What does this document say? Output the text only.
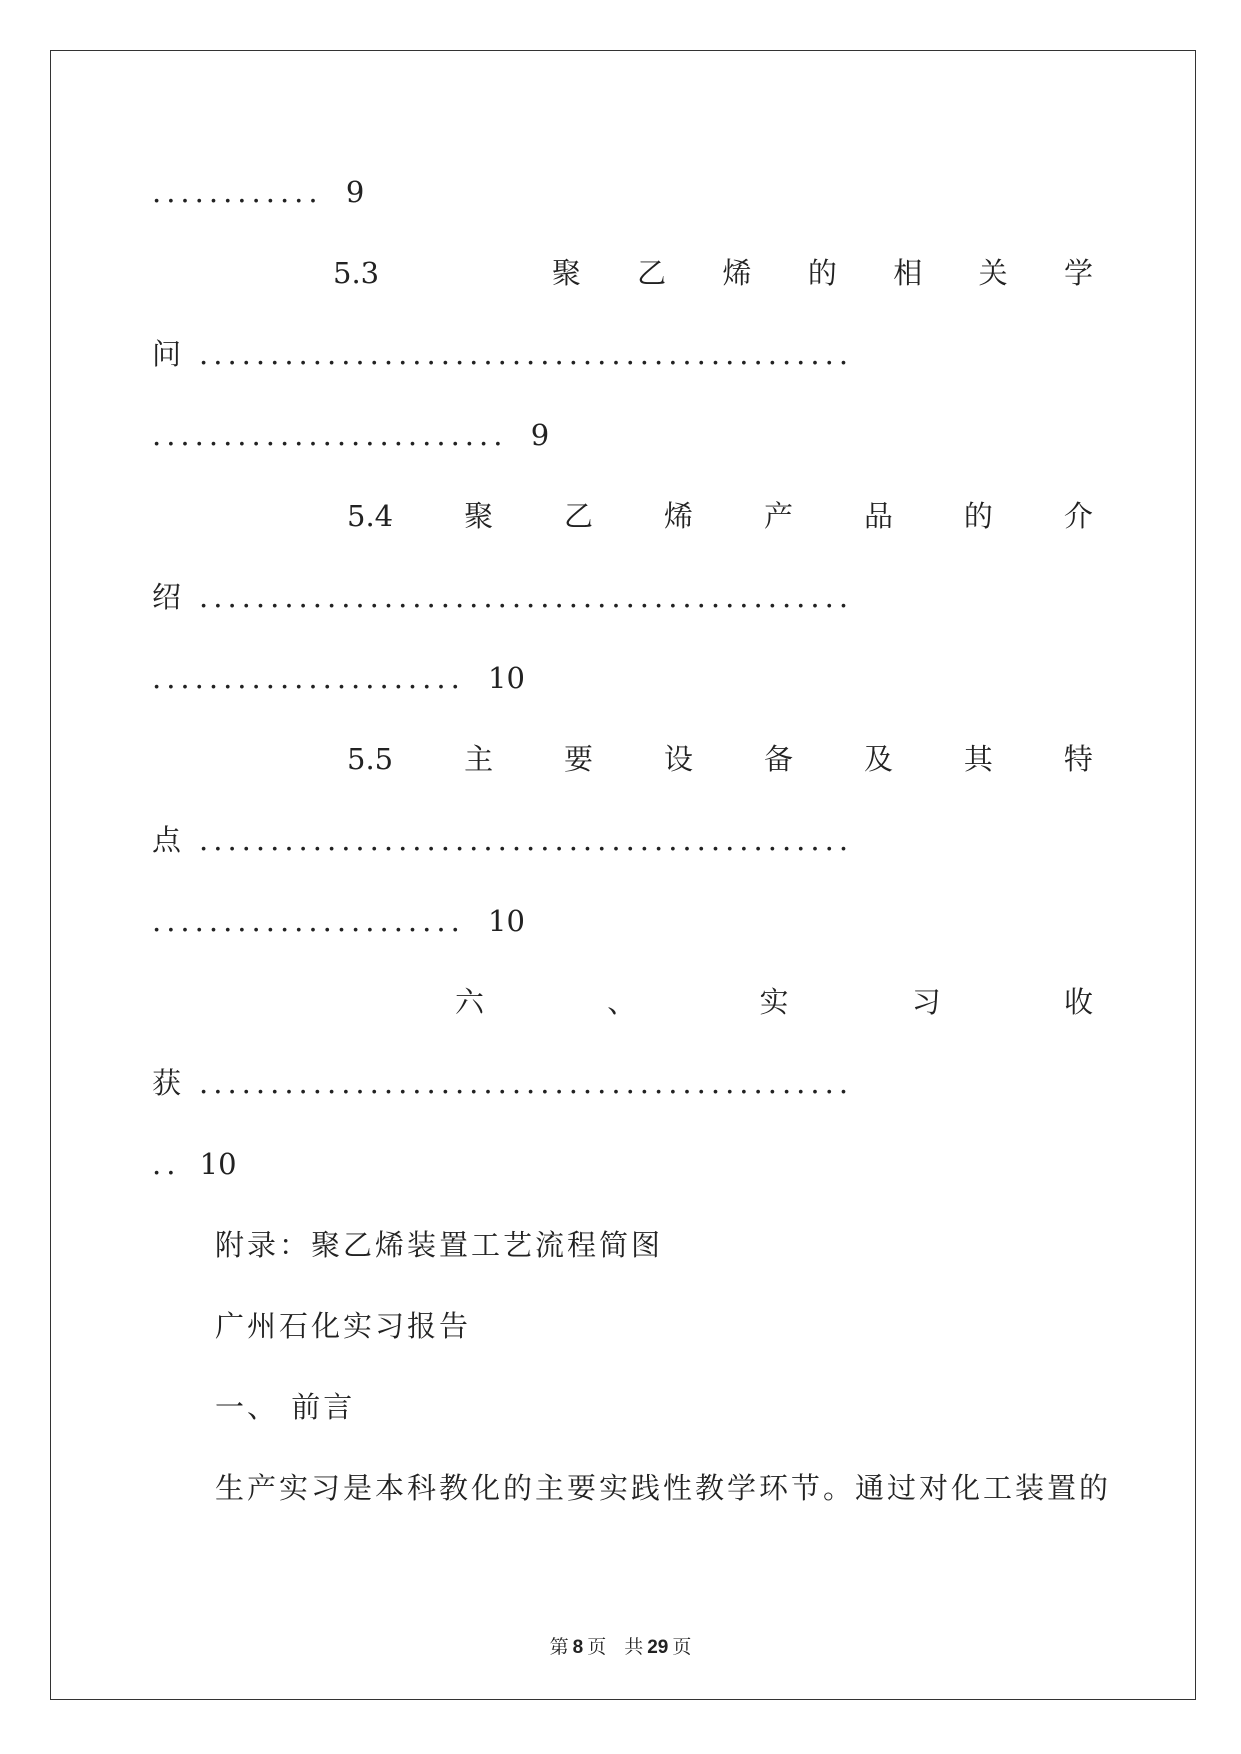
............ 9
5.3	聚 乙 烯 的 相 关 学
问 ..............................................
......................... 9
5.4 聚 乙 烯 产 品 的 介
绍 ..............................................
...................... 10
5.5 主 要 设 备 及 其 特
点 ..............................................
...................... 10
六	、	实	习	收
获 ..............................................
.. 10
附录：聚乙烯装置工艺流程简图
广州石化实习报告
一、 前言
生产实习是本科教化的主要实践性教学环节。通过对化工装置的
第 8 页 共 29 页
